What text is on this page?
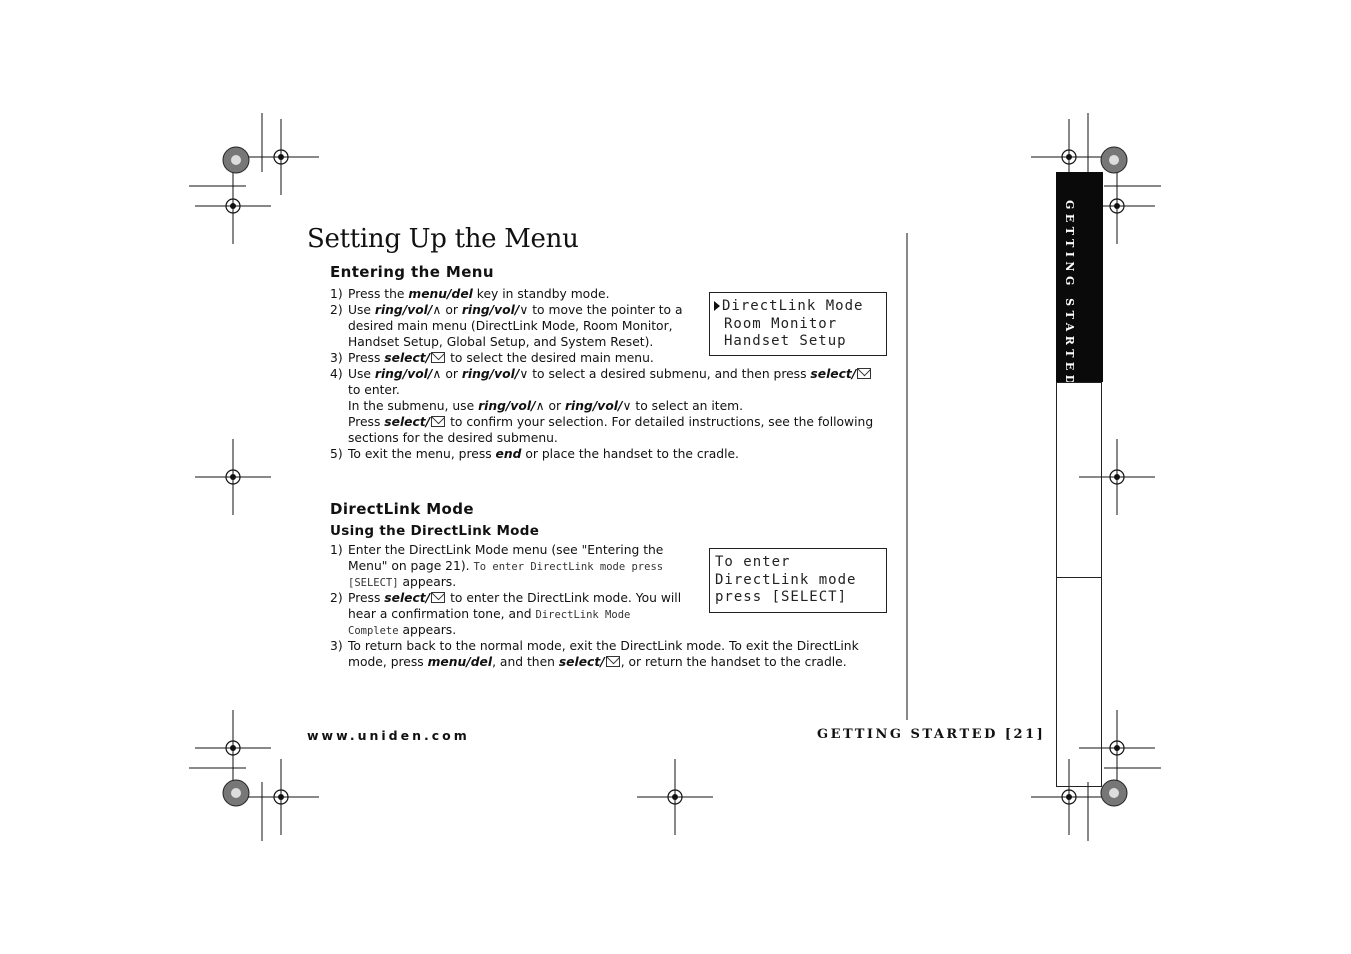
GETTING STARTED
Setting Up the Menu
Entering the Menu
1) Press the menu/del key in standby mode.
2) Use ring/vol/∧ or ring/vol/∨ to move the pointer to a
desired main menu (DirectLink Mode, Room Monitor,
Handset Setup, Global Setup, and System Reset).
3) Press select/ to select the desired main menu.
4) Use ring/vol/∧ or ring/vol/∨ to select a desired submenu, and then press select/
to enter.
In the submenu, use ring/vol/∧ or ring/vol/∨ to select an item.
Press select/ to confirm your selection. For detailed instructions, see the following
sections for the desired submenu.
5) To exit the menu, press end or place the handset to the cradle.
DirectLink Mode
Room Monitor
Handset Setup
DirectLink Mode
Using the DirectLink Mode
1) Enter the DirectLink Mode menu (see "Entering the
Menu" on page 21). To enter DirectLink mode press
[SELECT] appears.
2) Press select/ to enter the DirectLink mode. You will
hear a confirmation tone, and DirectLink Mode
Complete appears.
3) To return back to the normal mode, exit the DirectLink mode. To exit the DirectLink
mode, press menu/del, and then select/ , or return the handset to the cradle.
To enter
DirectLink mode
press [SELECT]
www.uniden.com	GETTING STARTED [21]
